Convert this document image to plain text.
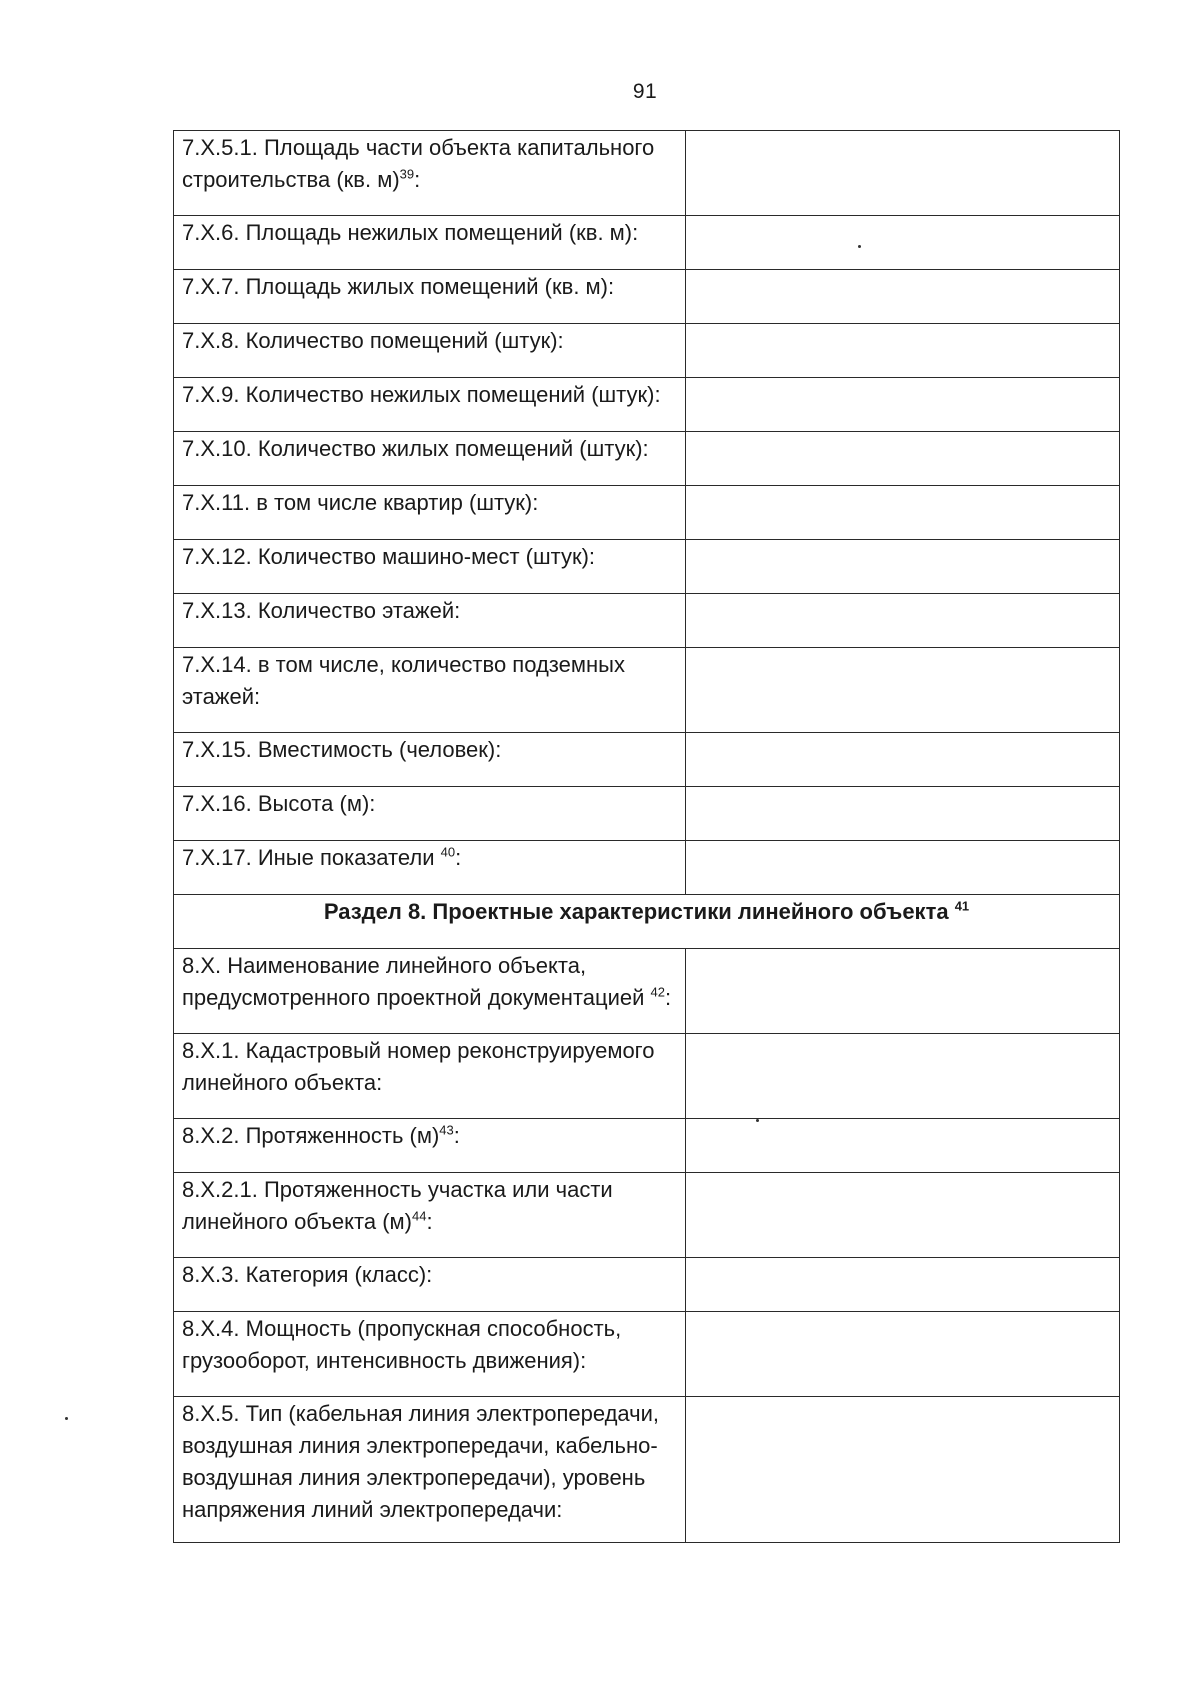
91
7.X.5.1. Площадь части объекта капитального строительства (кв. м)$^{39}$:	
7.X.6. Площадь нежилых помещений (кв. м):	
7.X.7. Площадь жилых помещений (кв. м):	
7.X.8. Количество помещений (штук):	
7.X.9. Количество нежилых помещений (штук):	
7.X.10. Количество жилых помещений (штук):	
7.X.11. в том числе квартир (штук):	
7.X.12. Количество машино-мест (штук):	
7.X.13. Количество этажей:	
7.X.14. в том числе, количество подземных этажей:	
7.X.15. Вместимость (человек):	
7.X.16. Высота (м):	
7.X.17. Иные показатели $^{40}$:	
Раздел 8. Проектные характеристики линейного объекта $^{41}$
8.X. Наименование линейного объекта, предусмотренного проектной документацией $^{42}$:	
8.X.1. Кадастровый номер реконструируемого линейного объекта:	
8.X.2. Протяженность $(м)^{43}$:	
8.X.2.1. Протяженность участка или части линейного объекта $(м)^{44}$:	
8.X.3. Категория (класс):	
8.X.4. Мощность (пропускная способность, грузооборот, интенсивность движения):	
8.X.5. Тип (кабельная линия электропередачи, воздушная линия электропередачи, кабельно-воздушная линия электропередачи), уровень напряжения линий электропередачи:	
